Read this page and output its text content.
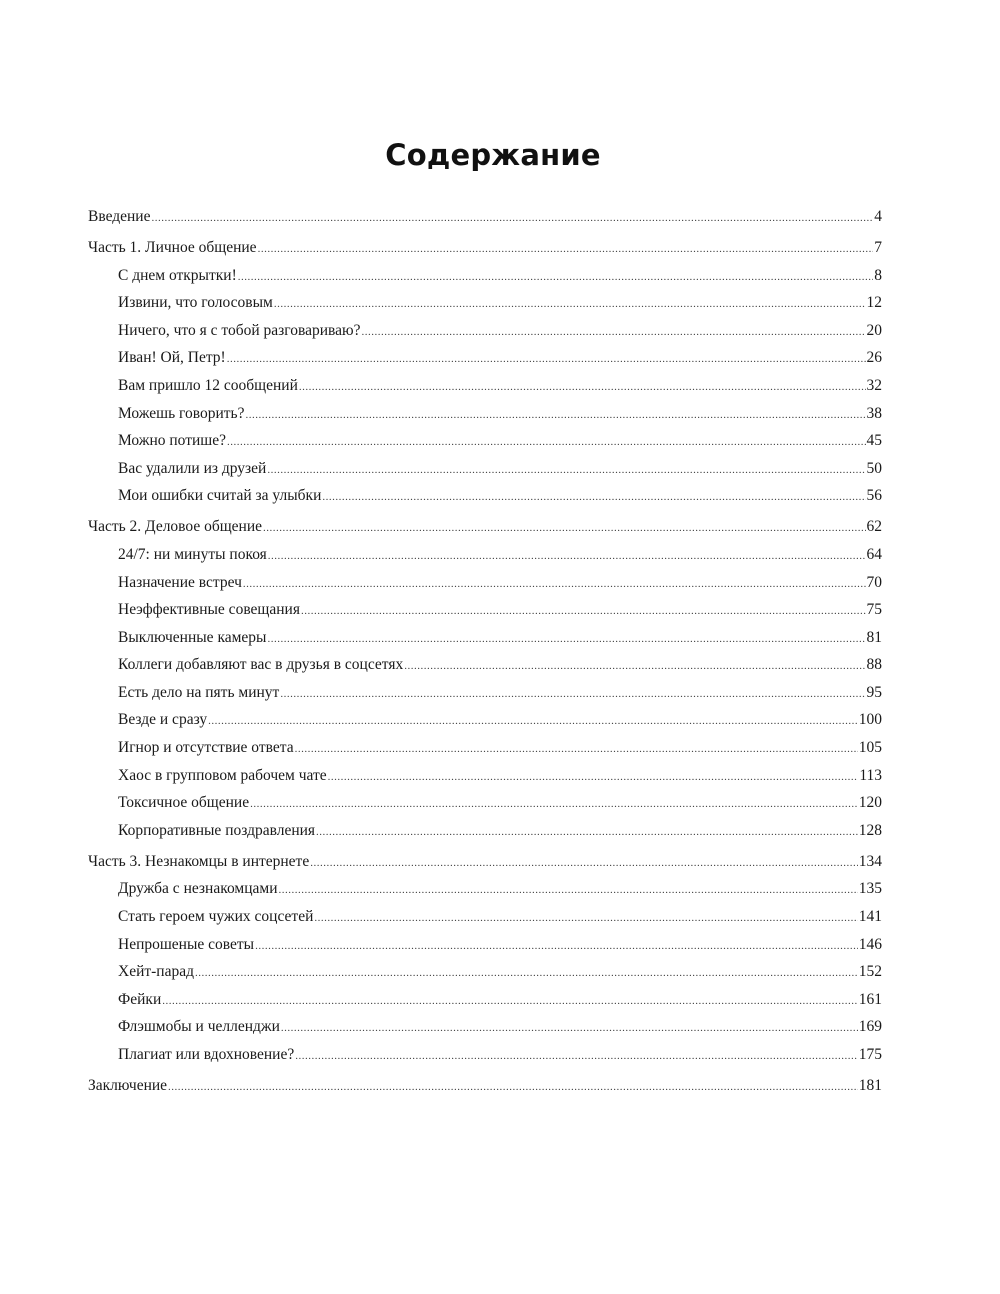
Содержание
Введение .....	4
Часть 1. Личное общение .....	7
С днем открытки! .....	8
Извини, что голосовым .....	12
Ничего, что я с тобой разговариваю? .....	20
Иван! Ой, Петр! .....	26
Вам пришло 12 сообщений .....	32
Можешь говорить? .....	38
Можно потише? .....	45
Вас удалили из друзей .....	50
Мои ошибки считай за улыбки .....	56
Часть 2. Деловое общение .....	62
24/7: ни минуты покоя .....	64
Назначение встреч .....	70
Неэффективные совещания .....	75
Выключенные камеры .....	81
Коллеги добавляют вас в друзья в соцсетях .....	88
Есть дело на пять минут .....	95
Везде и сразу .....	100
Игнор и отсутствие ответа .....	105
Хаос в групповом рабочем чате .....	113
Токсичное общение .....	120
Корпоративные поздравления .....	128
Часть 3. Незнакомцы в интернете .....	134
Дружба с незнакомцами .....	135
Стать героем чужих соцсетей .....	141
Непрошеные советы .....	146
Хейт-парад .....	152
Фейки .....	161
Флэшмобы и челленджи .....	169
Плагиат или вдохновение? .....	175
Заключение .....	181
